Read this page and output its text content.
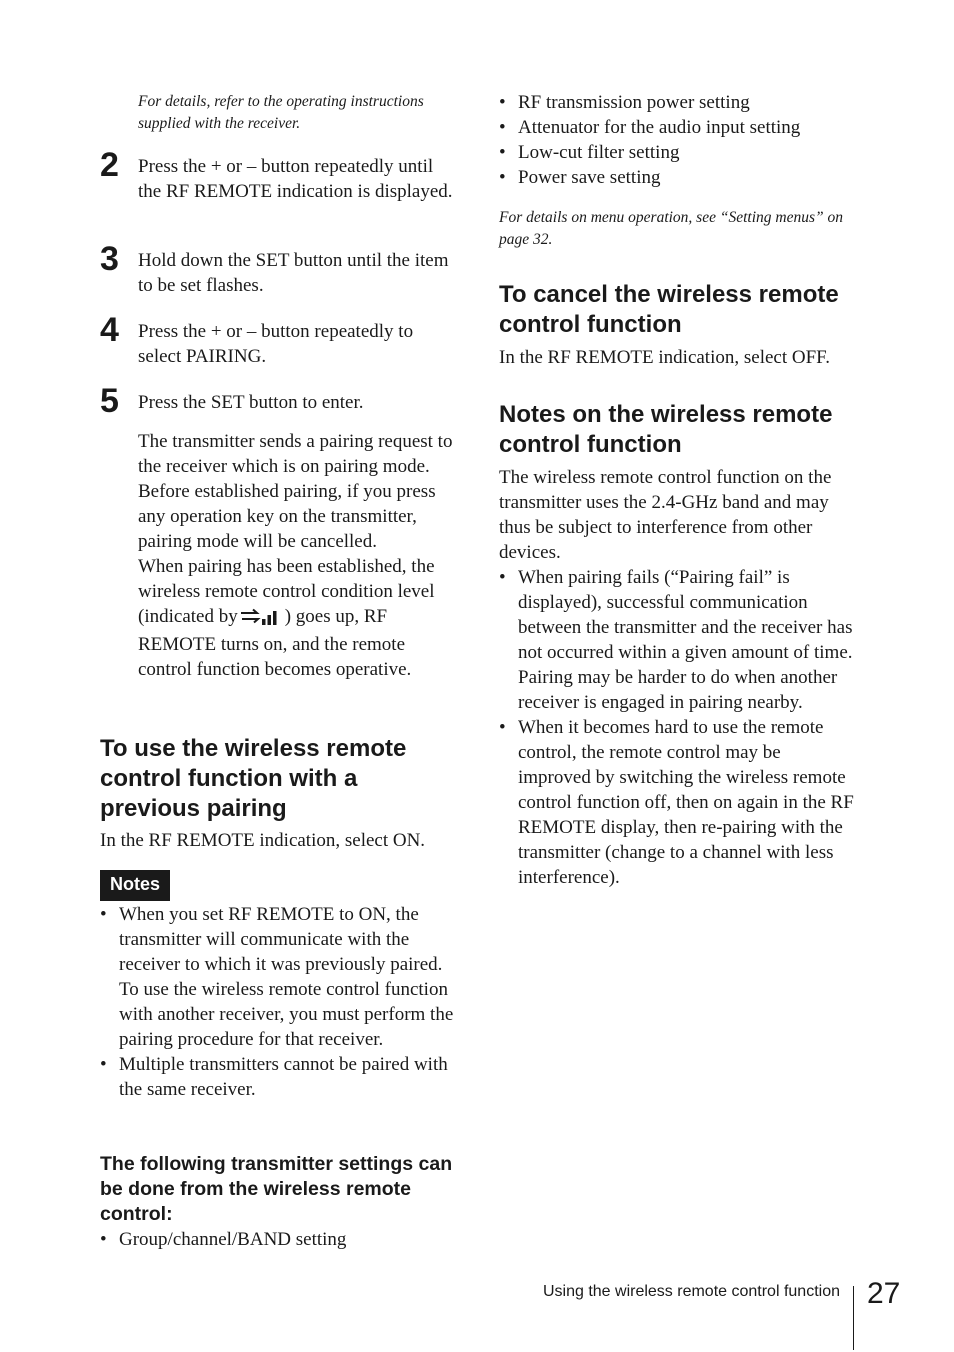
For details, refer to the operating instructions supplied with the receiver.
2 Press the + or – button repeatedly until the RF REMOTE indication is displayed.
3 Hold down the SET button until the item to be set flashes.
4 Press the + or – button repeatedly to select PAIRING.
5 Press the SET button to enter.
The transmitter sends a pairing request to the receiver which is on pairing mode.
Before established pairing, if you press any operation key on the transmitter, pairing mode will be cancelled.
When pairing has been established, the wireless remote control condition level (indicated by ) goes up, RF REMOTE turns on, and the remote control function becomes operative.
To use the wireless remote control function with a previous pairing
In the RF REMOTE indication, select ON.
• When you set RF REMOTE to ON, the transmitter will communicate with the receiver to which it was previously paired. To use the wireless remote control function with another receiver, you must perform the pairing procedure for that receiver.
• Multiple transmitters cannot be paired with the same receiver.
The following transmitter settings can be done from the wireless remote control:
• Group/channel/BAND setting
Notes
• RF transmission power setting
• Attenuator for the audio input setting
• Low-cut filter setting
• Power save setting
For details on menu operation, see “Setting menus” on page 32.
To cancel the wireless remote control function
In the RF REMOTE indication, select OFF.
Notes on the wireless remote control function
The wireless remote control function on the transmitter uses the 2.4-GHz band and may thus be subject to interference from other devices.
• When pairing fails (“Pairing fail” is displayed), successful communication between the transmitter and the receiver has not occurred within a given amount of time. Pairing may be harder to do when another receiver is engaged in pairing nearby.
• When it becomes hard to use the remote control, the remote control may be improved by switching the wireless remote control function off, then on again in the RF REMOTE display, then re-pairing with the transmitter (change to a channel with less interference).
Using the wireless remote control function 27
